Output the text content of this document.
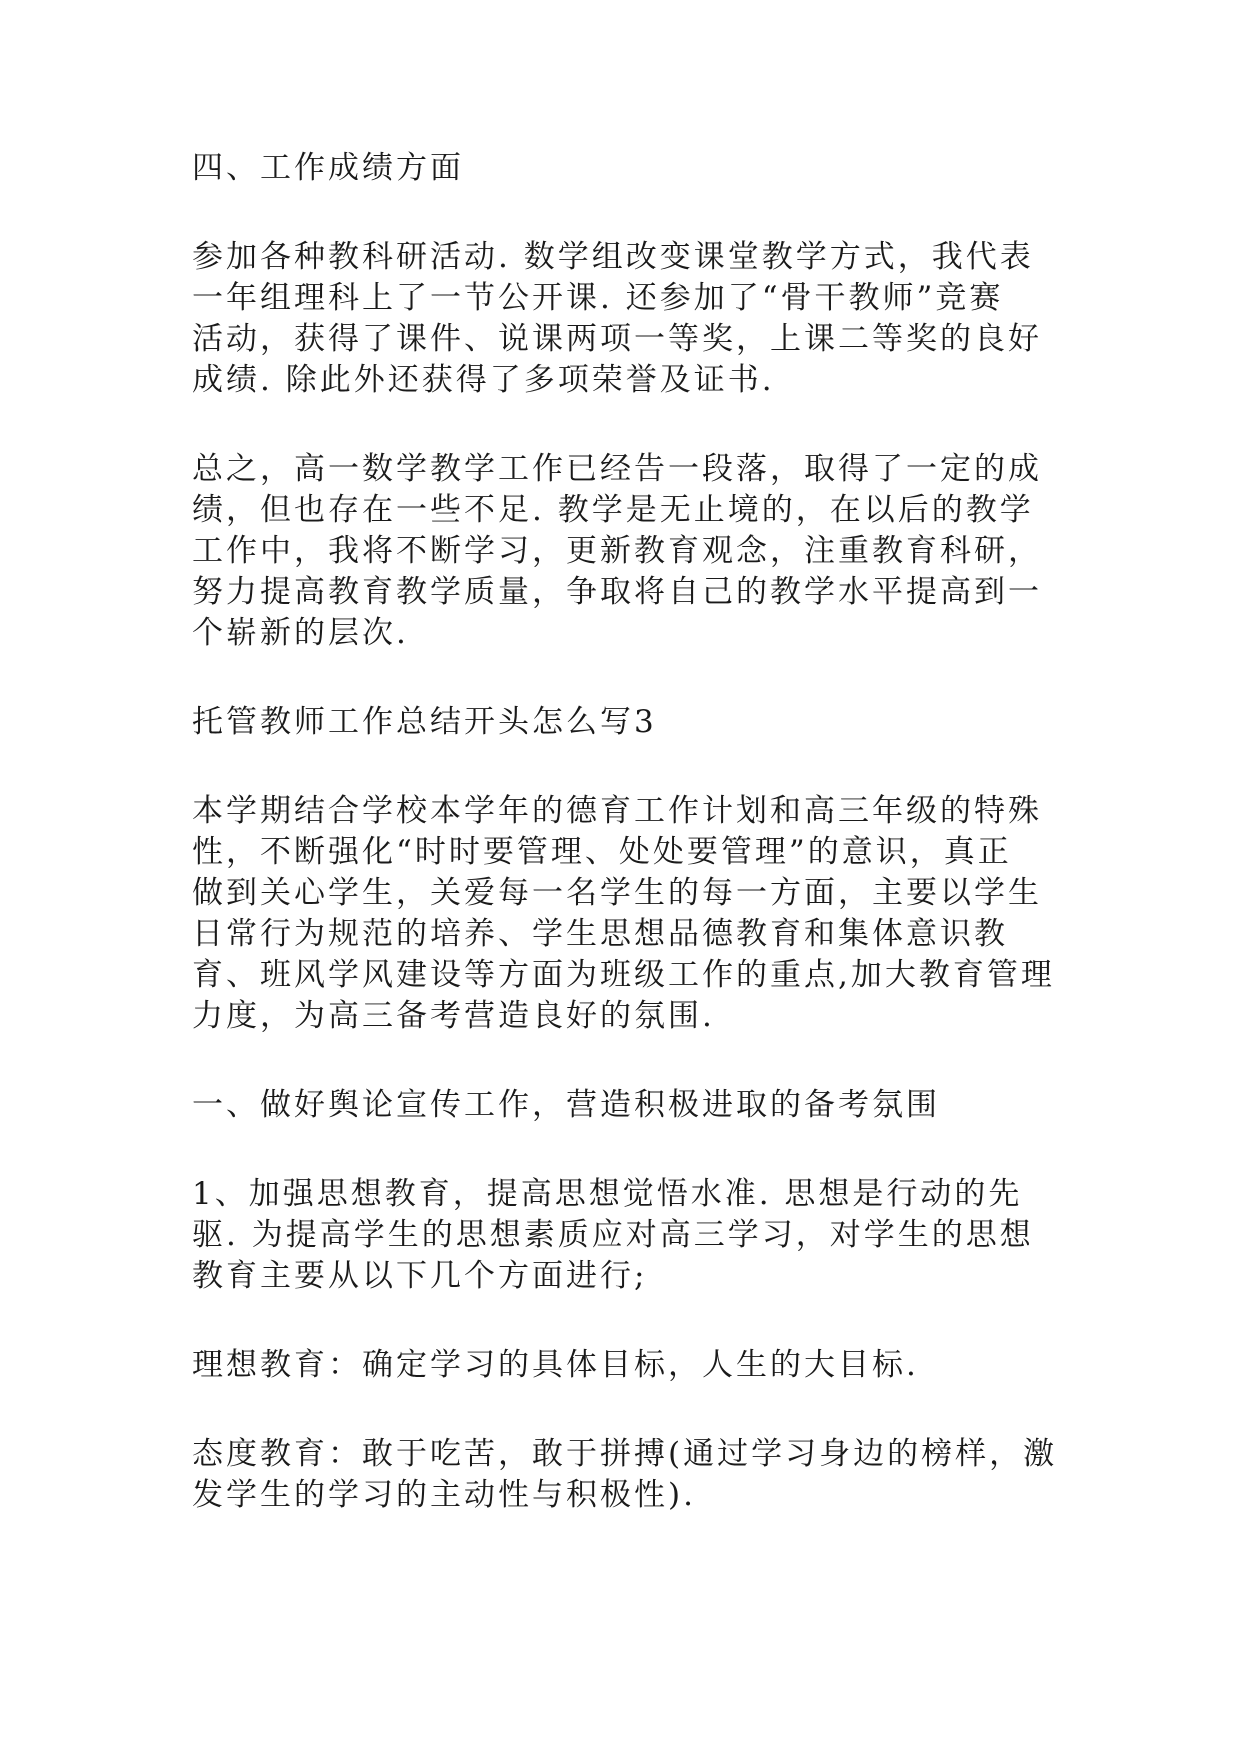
四、工作成绩方面

参加各种教科研活动. 数学组改变课堂教学方式，我代表
一年组理科上了一节公开课. 还参加了“骨干教师”竞赛
活动，获得了课件、说课两项一等奖，上课二等奖的良好
成绩. 除此外还获得了多项荣誉及证书.

总之，高一数学教学工作已经告一段落，取得了一定的成
绩，但也存在一些不足. 教学是无止境的，在以后的教学
工作中，我将不断学习，更新教育观念，注重教育科研，
努力提高教育教学质量，争取将自己的教学水平提高到一
个崭新的层次.

托管教师工作总结开头怎么写3

本学期结合学校本学年的德育工作计划和高三年级的特殊
性，不断强化“时时要管理、处处要管理”的意识，真正
做到关心学生，关爱每一名学生的每一方面，主要以学生
日常行为规范的培养、学生思想品德教育和集体意识教
育、班风学风建设等方面为班级工作的重点,加大教育管理
力度，为高三备考营造良好的氛围.

一、做好舆论宣传工作，营造积极进取的备考氛围

1、加强思想教育，提高思想觉悟水准. 思想是行动的先
驱. 为提高学生的思想素质应对高三学习，对学生的思想
教育主要从以下几个方面进行;

理想教育：确定学习的具体目标，人生的大目标.

态度教育：敢于吃苦，敢于拼搏(通过学习身边的榜样，激
发学生的学习的主动性与积极性).
